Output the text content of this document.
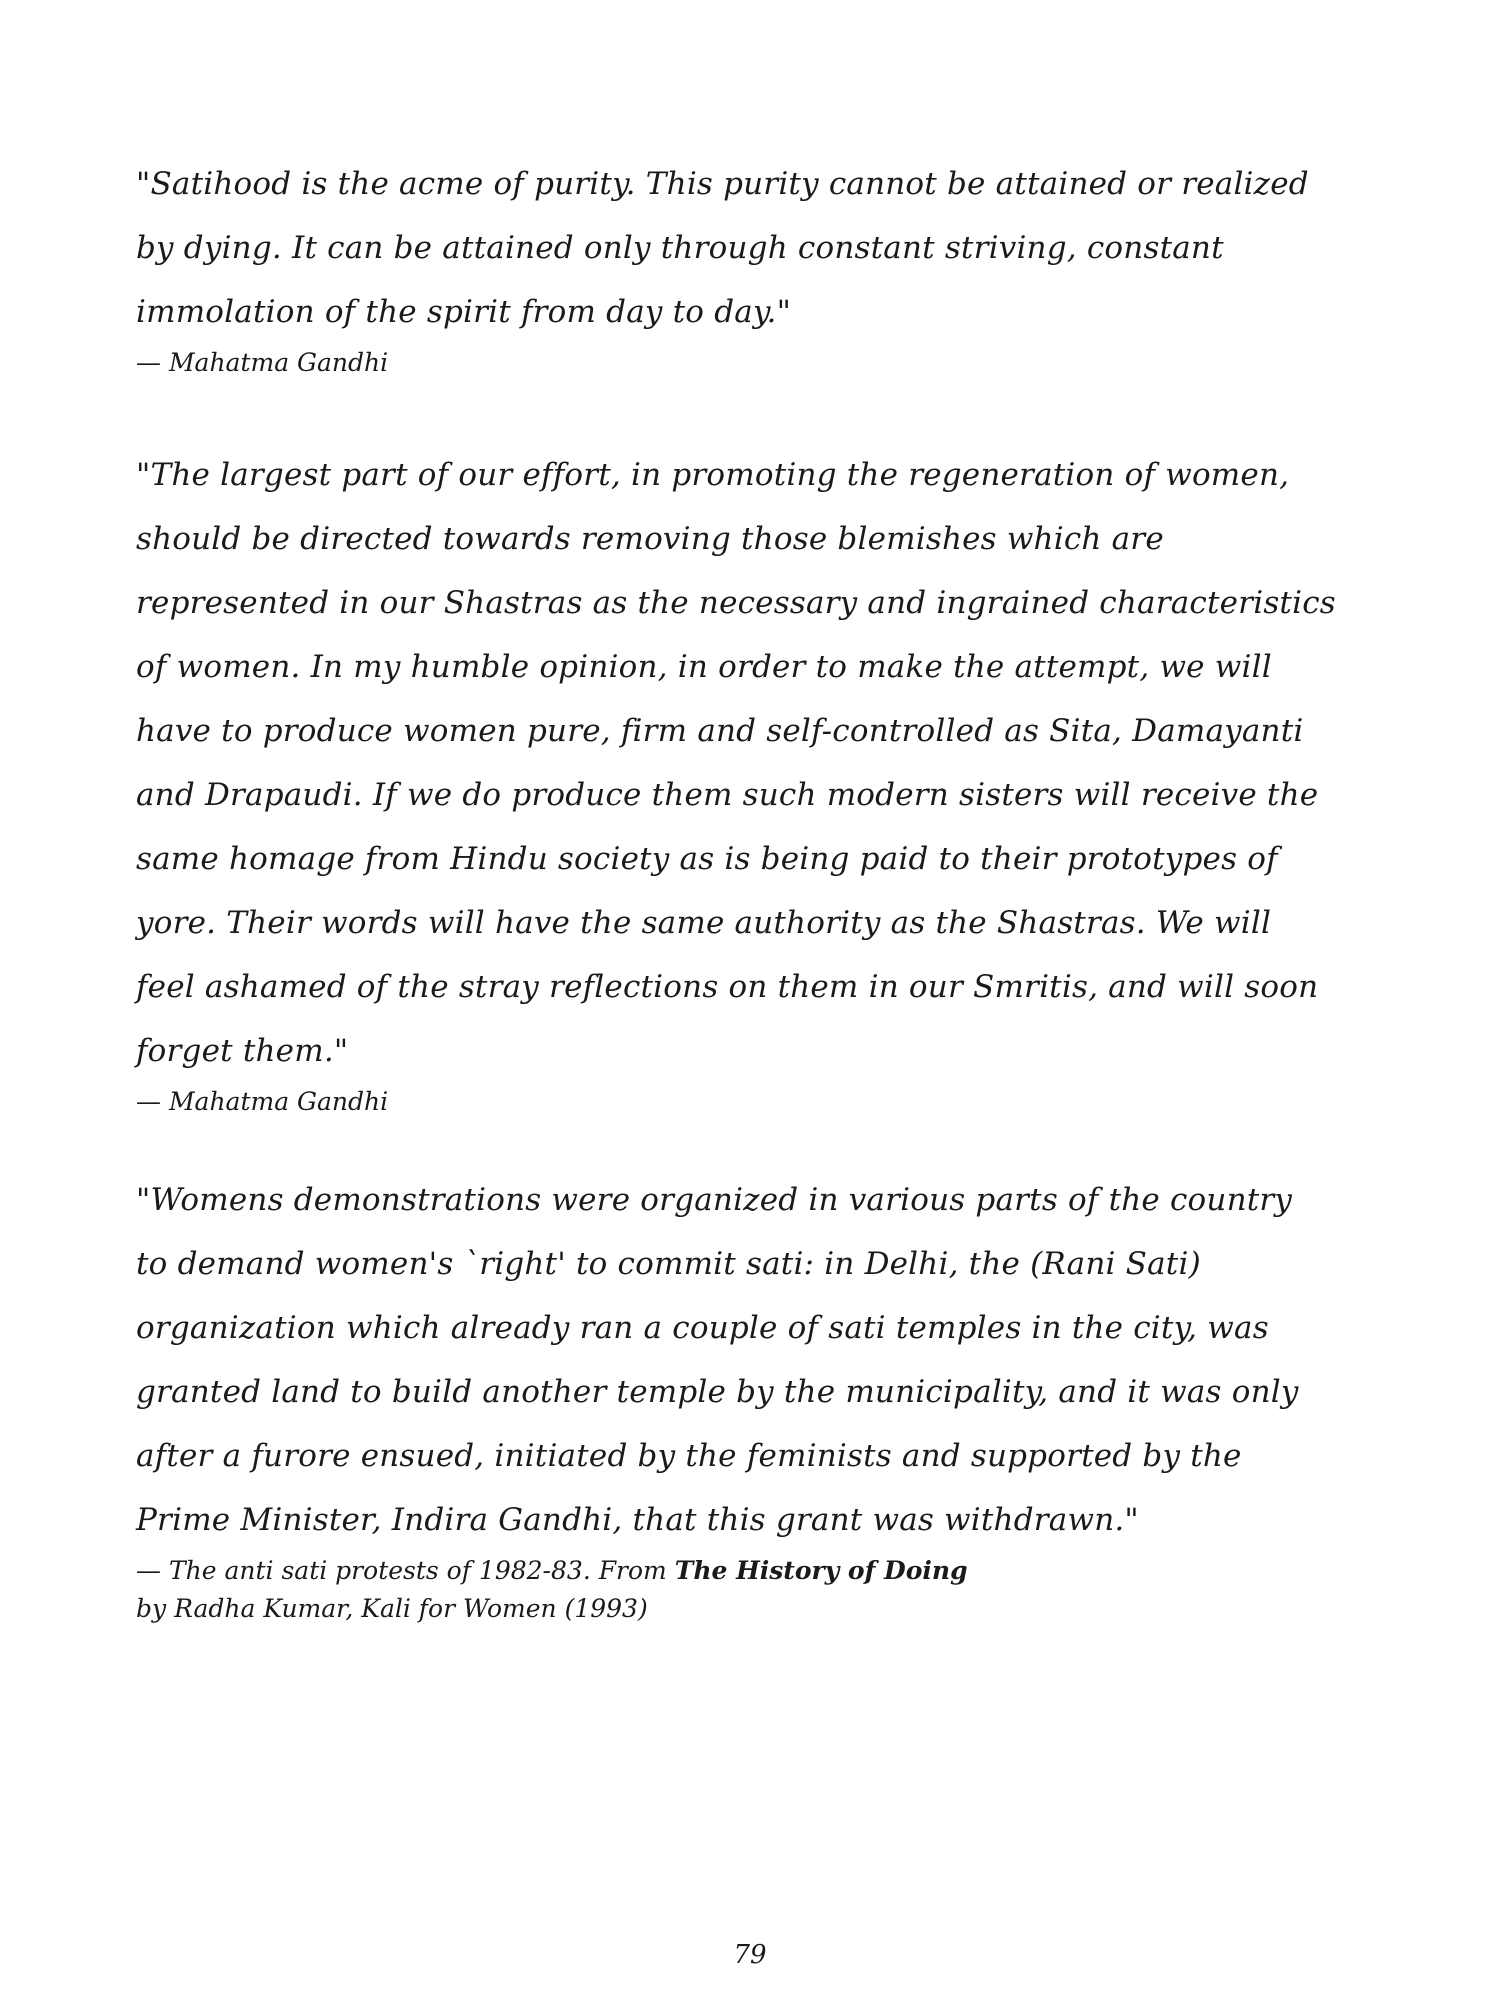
"Satihood is the acme of purity. This purity cannot be attained or realized
by dying. It can be attained only through constant striving, constant
immolation of the spirit from day to day."

— Mahatma Gandhi

"The largest part of our effort, in promoting the regeneration of women,
should be directed towards removing those blemishes which are
represented in our Shastras as the necessary and ingrained characteristics
of women. In my humble opinion, in order to make the attempt, we will
have to produce women pure, firm and self-controlled as Sita, Damayanti
and Drapaudi. If we do produce them such modern sisters will receive the
same homage from Hindu society as is being paid to their prototypes of
yore. Their words will have the same authority as the Shastras. We will
feel ashamed of the stray reflections on them in our Smritis, and will soon
forget them."

— Mahatma Gandhi

"Womens demonstrations were organized in various parts of the country
to demand women's `right' to commit sati: in Delhi, the (Rani Sati)
organization which already ran a couple of sati temples in the city, was
granted land to build another temple by the municipality, and it was only
after a furore ensued, initiated by the feminists and supported by the
Prime Minister, Indira Gandhi, that this grant was withdrawn."

— The anti sati protests of 1982-83. From The History of Doing

by Radha Kumar, Kali for Women (1993)

79
